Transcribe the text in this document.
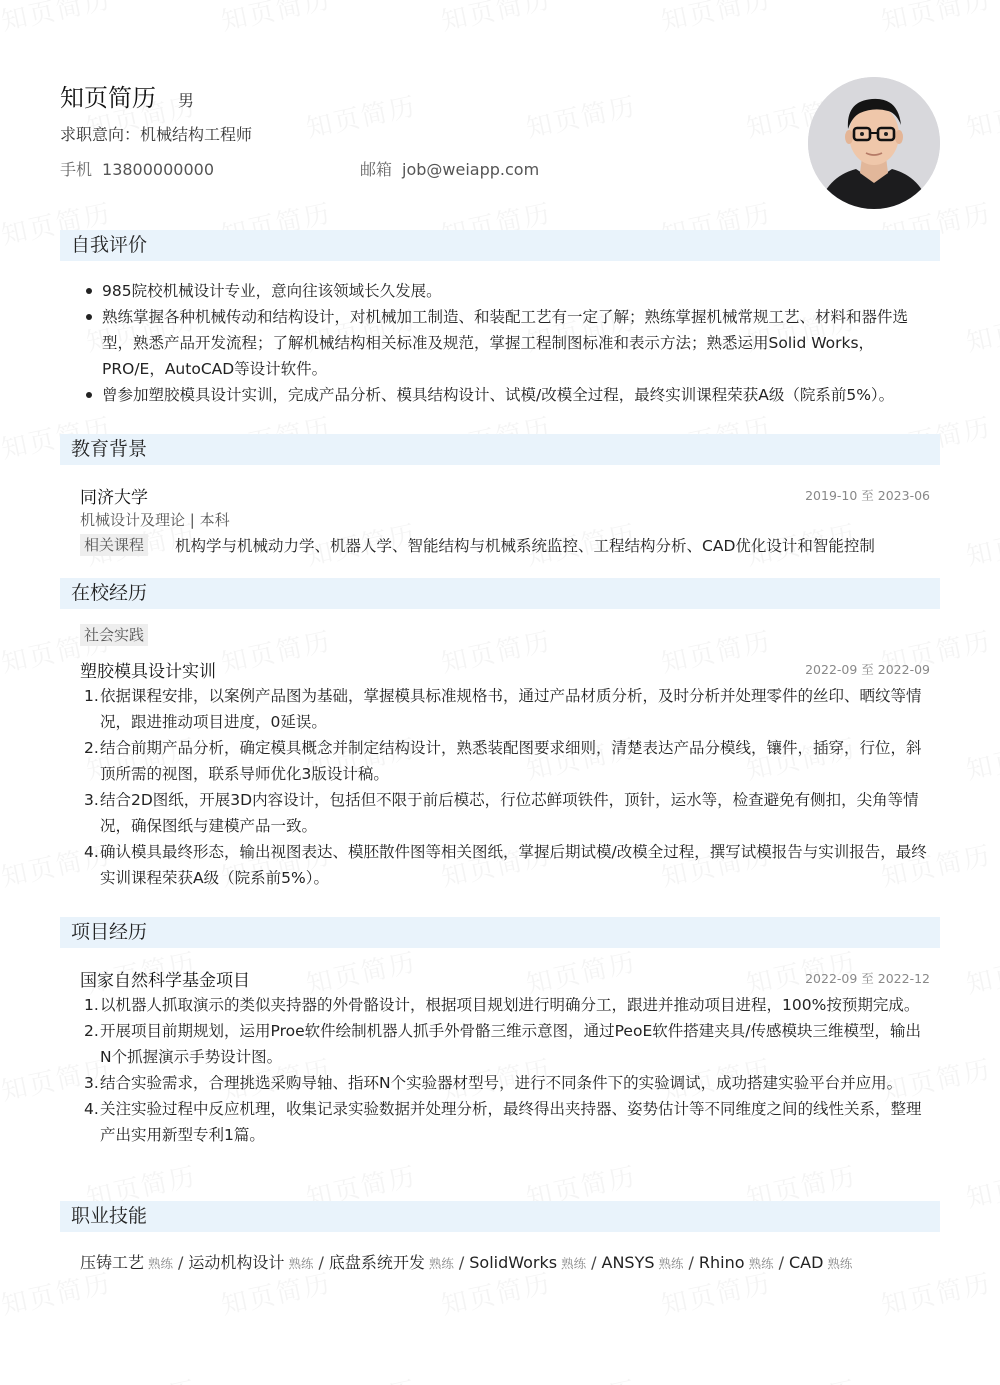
知页简历 男
求职意向：机械结构工程师
手机 13800000000	邮箱 job@weiapp.com
自我评价
985院校机械设计专业，意向往该领域长久发展。
熟练掌握各种机械传动和结构设计，对机械加工制造、和装配工艺有一定了解；熟练掌握机械常规工艺、材料和器件选型，熟悉产品开发流程；了解机械结构相关标准及规范，掌握工程制图标准和表示方法；熟悉运用Solid Works，PRO/E，AutoCAD等设计软件。
曾参加塑胶模具设计实训，完成产品分析、模具结构设计、试模/改模全过程，最终实训课程荣获A级（院系前5%）。
教育背景
同济大学	2019-10 至 2023-06
机械设计及理论 | 本科
相关课程 机构学与机械动力学、机器人学、智能结构与机械系统监控、工程结构分析、CAD优化设计和智能控制
在校经历
社会实践
塑胶模具设计实训	2022-09 至 2022-09
1. 依据课程安排，以案例产品图为基础，掌握模具标准规格书，通过产品材质分析，及时分析并处理零件的丝印、晒纹等情况，跟进推动项目进度，0延误。
2. 结合前期产品分析，确定模具概念并制定结构设计，熟悉装配图要求细则，清楚表达产品分模线，镶件，插穿，行位，斜顶所需的视图，联系导师优化3版设计稿。
3. 结合2D图纸，开展3D内容设计，包括但不限于前后模芯，行位芯鲜项铁件，顶针，运水等，检查避免有侧扣，尖角等情况，确保图纸与建模产品一致。
4. 确认模具最终形态，输出视图表达、模胚散件图等相关图纸，掌握后期试模/改模全过程，撰写试模报告与实训报告，最终实训课程荣获A级（院系前5%）。
项目经历
国家自然科学基金项目	2022-09 至 2022-12
1. 以机器人抓取演示的类似夹持器的外骨骼设计，根据项目规划进行明确分工，跟进并推动项目进程，100%按预期完成。
2. 开展项目前期规划，运用Proe软件绘制机器人抓手外骨骼三维示意图，通过PeoE软件搭建夹具/传感模块三维模型，输出N个抓握演示手势设计图。
3. 结合实验需求，合理挑选采购导轴、指环N个实验器材型号，进行不同条件下的实验调试，成功搭建实验平台并应用。
4. 关注实验过程中反应机理，收集记录实验数据并处理分析，最终得出夹持器、姿势估计等不同维度之间的线性关系，整理产出实用新型专利1篇。
职业技能
压铸工艺 熟练 / 运动机构设计 熟练 / 底盘系统开发 熟练 / SolidWorks 熟练 / ANSYS 熟练 / Rhino 熟练 / CAD 熟练
